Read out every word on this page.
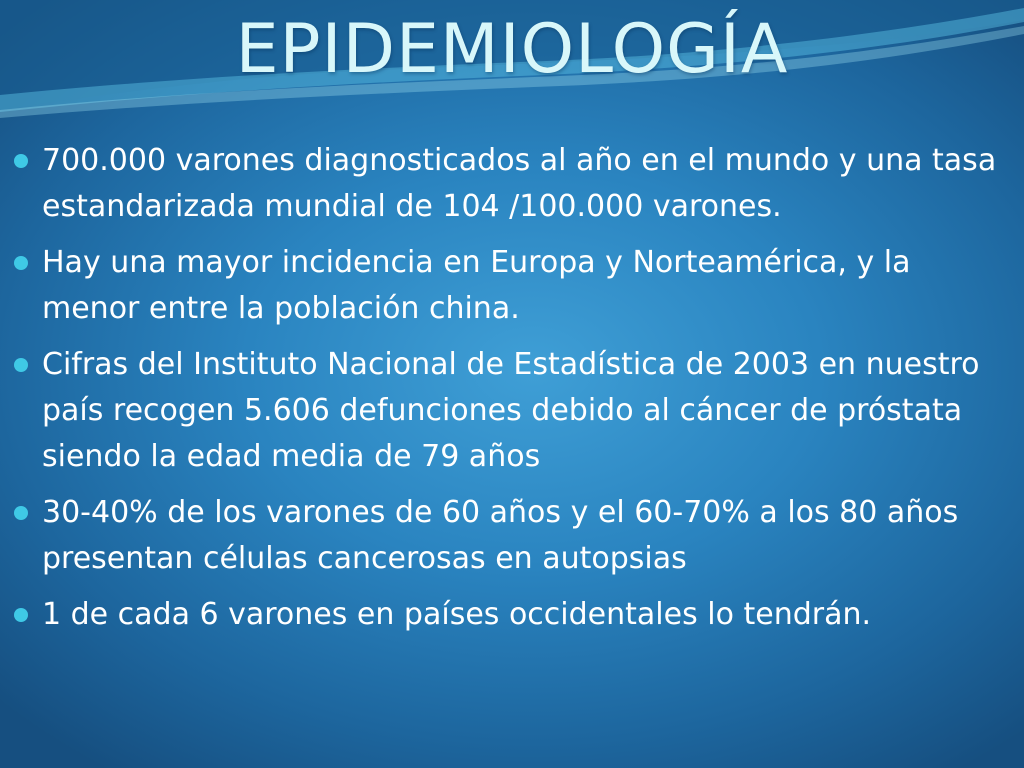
EPIDEMIOLOGÍA
700.000 varones diagnosticados al año en el mundo y una tasa estandarizada mundial de 104 /100.000 varones.
Hay una mayor incidencia en Europa y Norteamérica, y la menor entre la población china.
Cifras del Instituto Nacional de Estadística de 2003 en nuestro país recogen 5.606 defunciones debido al cáncer de próstata siendo la edad media de 79 años
30-40% de los varones de 60 años y el 60-70% a los 80 años presentan células cancerosas en autopsias
1 de cada 6 varones en países occidentales lo tendrán.
